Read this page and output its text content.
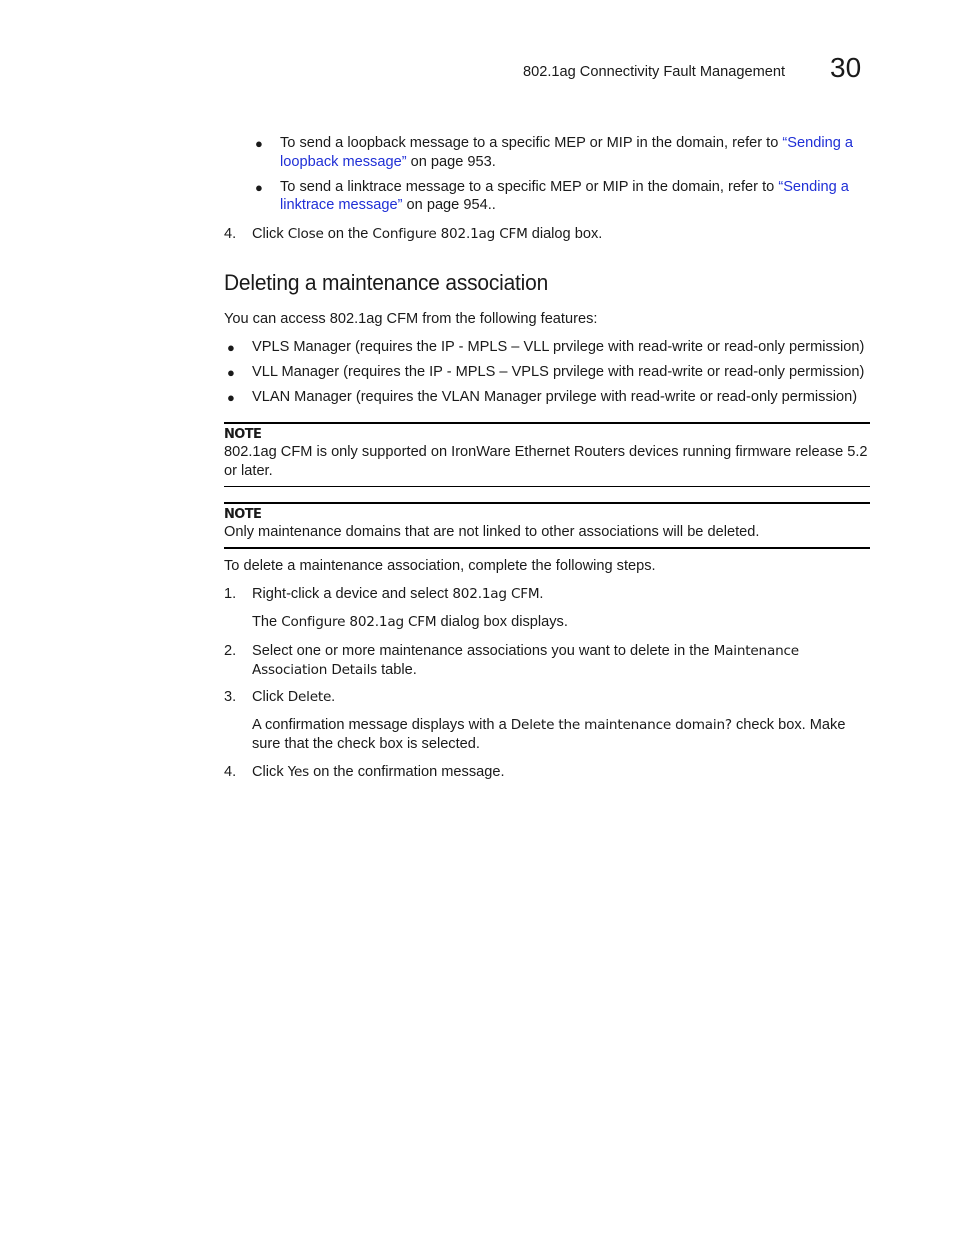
802.1ag Connectivity Fault Management 30
● To send a loopback message to a specific MEP or MIP in the domain, refer to “Sending a
loopback message” on page 953.
● To send a linktrace message to a specific MEP or MIP in the domain, refer to “Sending a
linktrace message” on page 954..
4. Click Close on the Configure 802.1ag CFM dialog box.
Deleting a maintenance association
You can access 802.1ag CFM from the following features:
● VPLS Manager (requires the IP - MPLS – VLL prvilege with read-write or read-only permission)
● VLL Manager (requires the IP - MPLS – VPLS prvilege with read-write or read-only permission)
● VLAN Manager (requires the VLAN Manager prvilege with read-write or read-only permission)
NOTE
802.1ag CFM is only supported on IronWare Ethernet Routers devices running firmware release 5.2
or later.
NOTE
Only maintenance domains that are not linked to other associations will be deleted.
To delete a maintenance association, complete the following steps.
1. Right-click a device and select 802.1ag CFM.
The Configure 802.1ag CFM dialog box displays.
2. Select one or more maintenance associations you want to delete in the Maintenance
Association Details table.
3. Click Delete.
A confirmation message displays with a Delete the maintenance domain? check box. Make
sure that the check box is selected.
4. Click Yes on the confirmation message.
